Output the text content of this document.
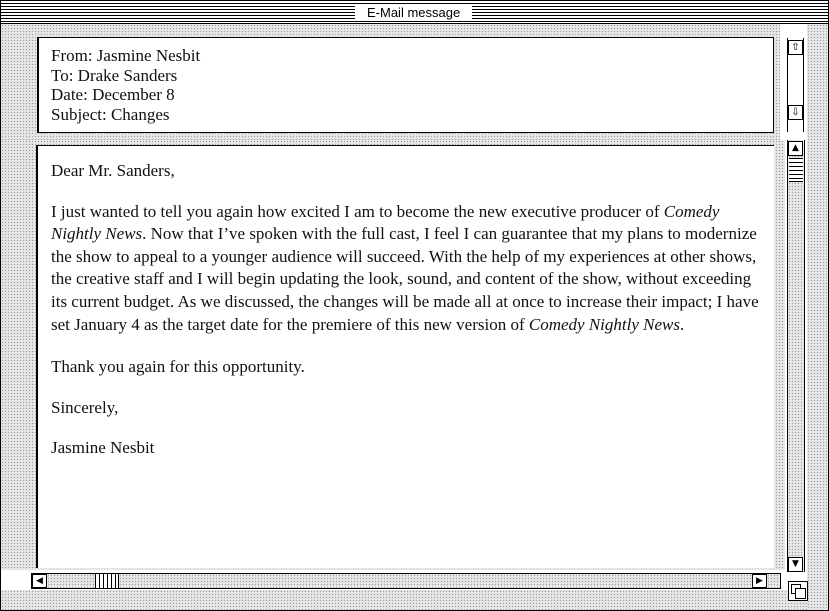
E-Mail message
From: Jasmine Nesbit
To: Drake Sanders
Date: December 8
Subject: Changes
⇧
⇩

Dear Mr. Sanders,

I just wanted to tell you again how excited I am to become the new executive producer of Comedy Nightly News. Now that I’ve spoken with the full cast, I feel I can guarantee that my plans to modernize the show to appeal to a younger audience will succeed. With the help of my experiences at other shows, the creative staff and I will begin updating the look, sound, and content of the show, without exceeding its current budget. As we discussed, the changes will be made all at once to increase their impact; I have set January 4 as the target date for the premiere of this new version of Comedy Nightly News.

Thank you again for this opportunity.

Sincerely,

Jasmine Nesbit

▲
▼
◀	▶
